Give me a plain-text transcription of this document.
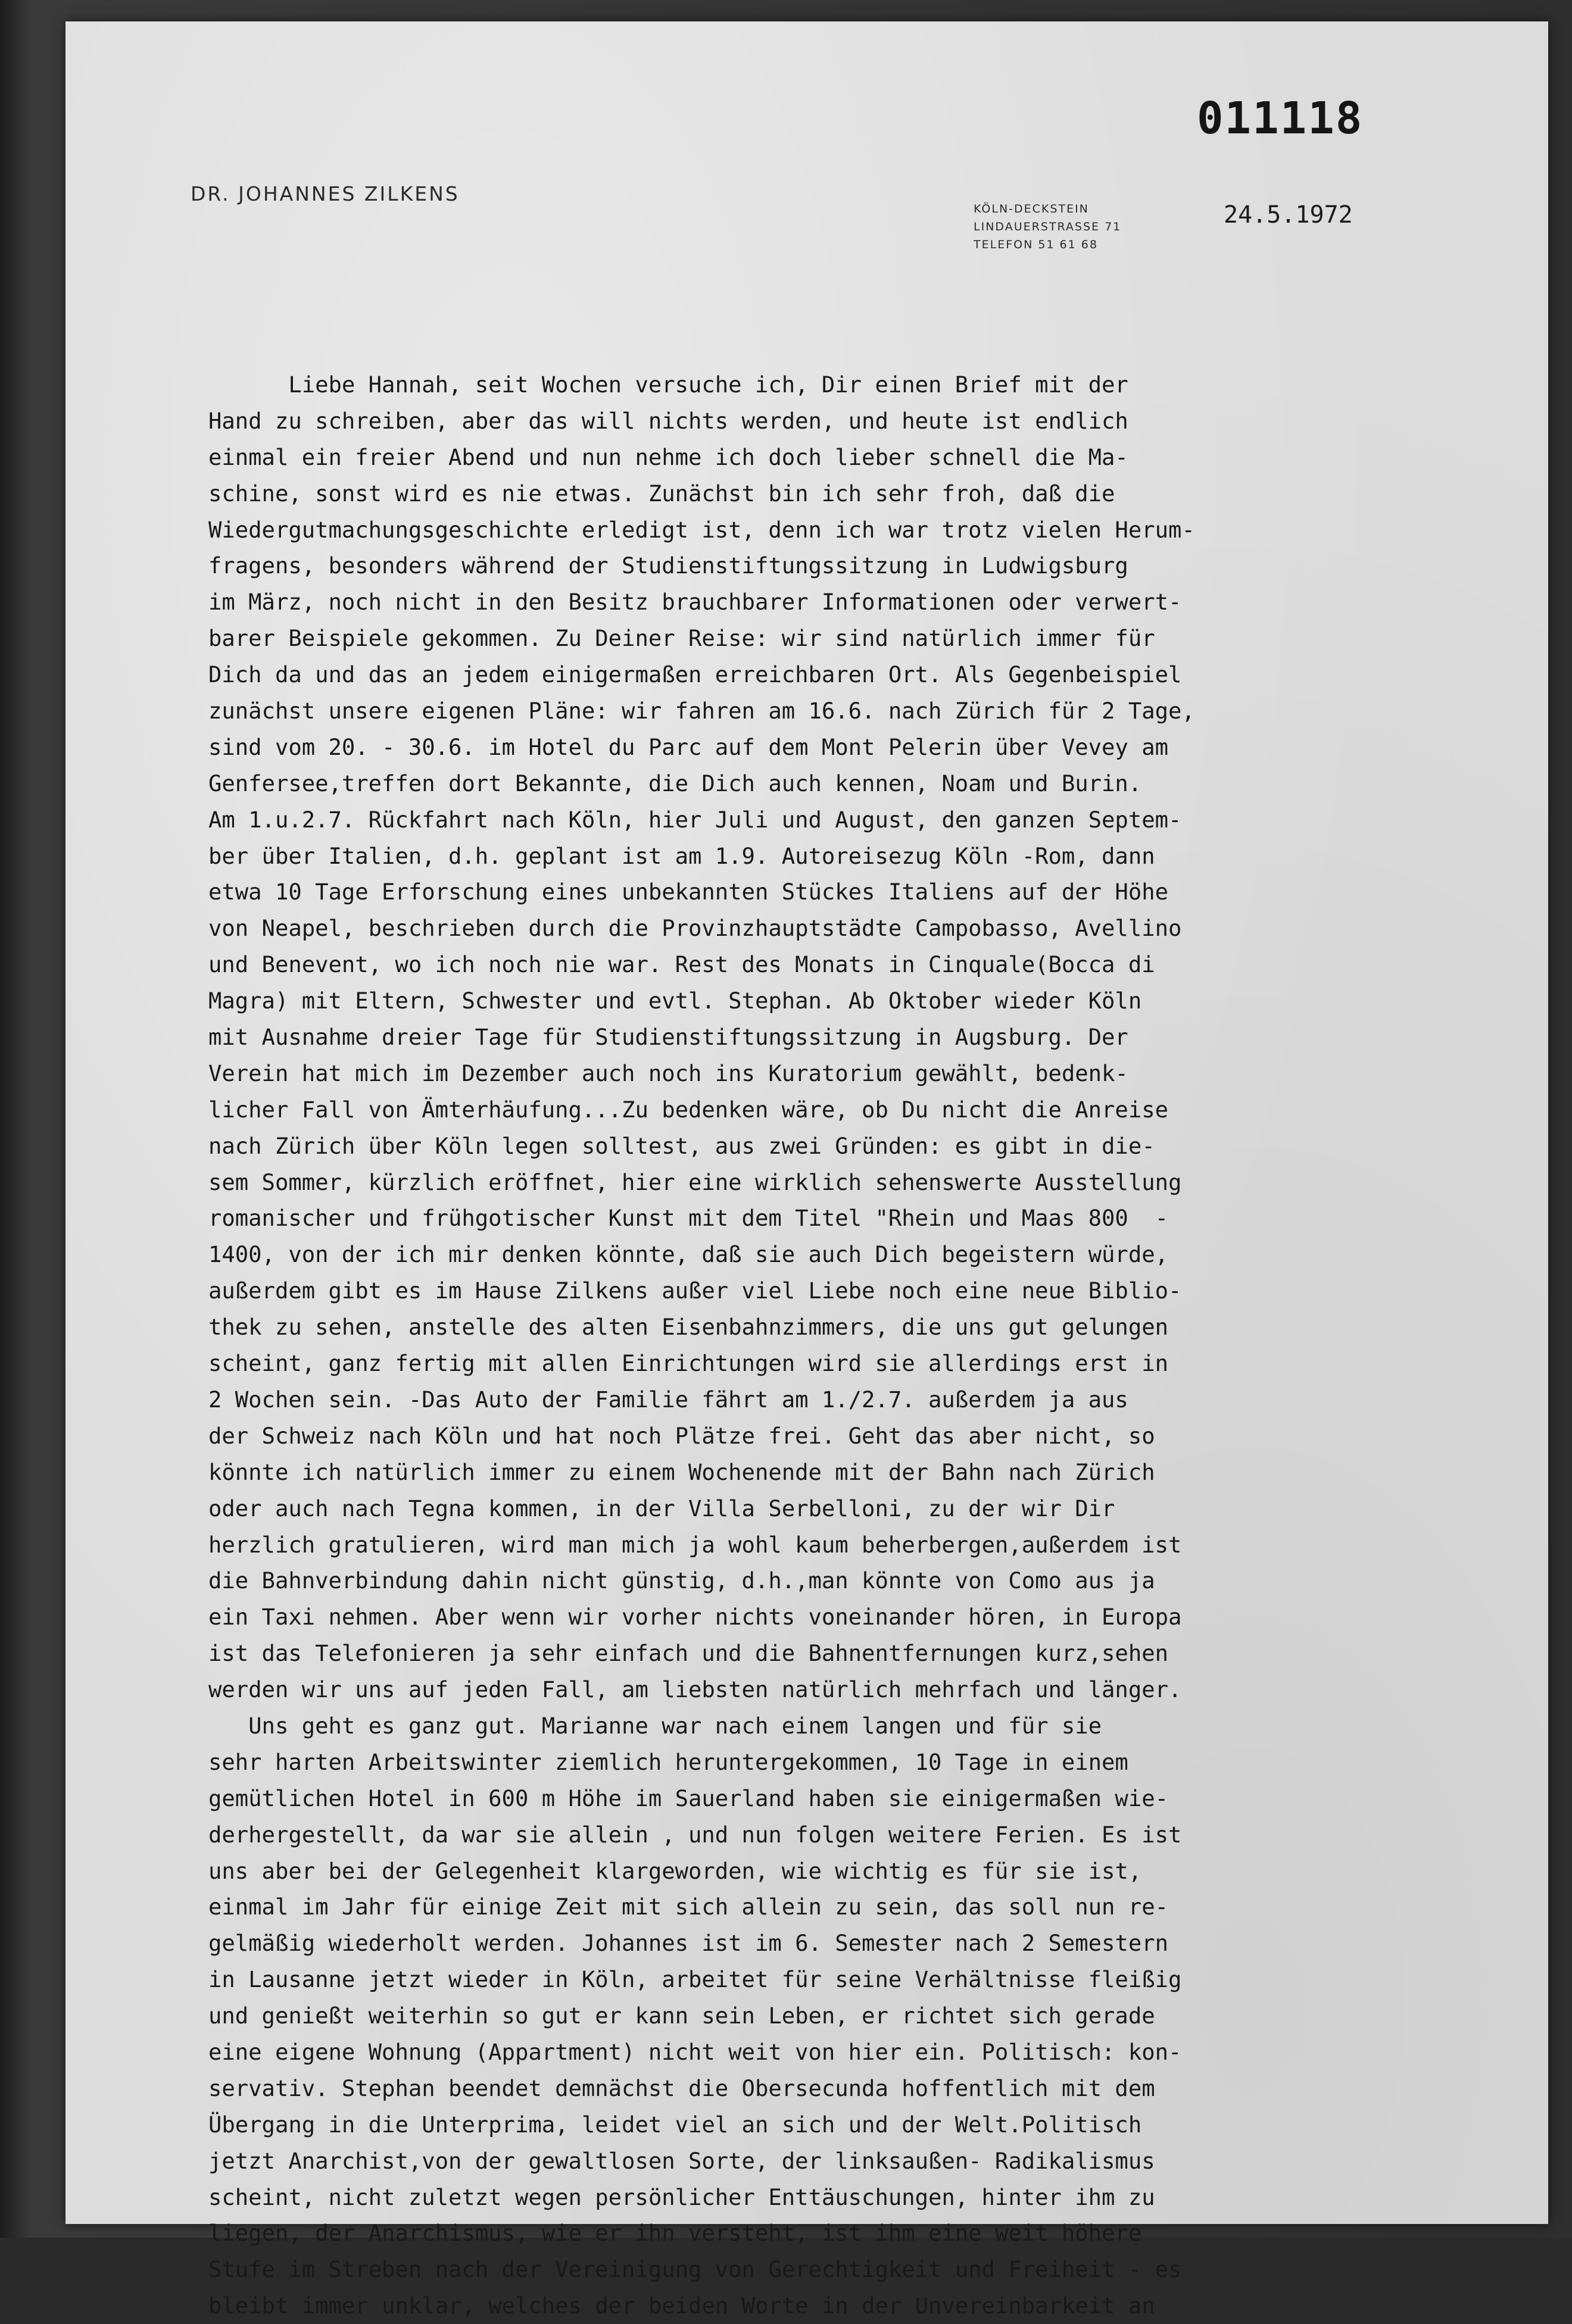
011118
DR. JOHANNES ZILKENS
KÖLN-DECKSTEIN
LINDAUERSTRASSE 71
TELEFON 51 61 68
24.5.1972
Liebe Hannah, seit Wochen versuche ich, Dir einen Brief mit der
Hand zu schreiben, aber das will nichts werden, und heute ist endlich
einmal ein freier Abend und nun nehme ich doch lieber schnell die Ma-
schine, sonst wird es nie etwas. Zunächst bin ich sehr froh, daß die
Wiedergutmachungsgeschichte erledigt ist, denn ich war trotz vielen Herum-
fragens, besonders während der Studienstiftungssitzung in Ludwigsburg
im März, noch nicht in den Besitz brauchbarer Informationen oder verwert-
barer Beispiele gekommen. Zu Deiner Reise: wir sind natürlich immer für
Dich da und das an jedem einigermaßen erreichbaren Ort. Als Gegenbeispiel
zunächst unsere eigenen Pläne: wir fahren am 16.6. nach Zürich für 2 Tage,
sind vom 20. - 30.6. im Hotel du Parc auf dem Mont Pelerin über Vevey am
Genfersee,treffen dort Bekannte, die Dich auch kennen, Noam und Burin.
Am 1.u.2.7. Rückfahrt nach Köln, hier Juli und August, den ganzen Septem-
ber über Italien, d.h. geplant ist am 1.9. Autoreisezug Köln -Rom, dann
etwa 10 Tage Erforschung eines unbekannten Stückes Italiens auf der Höhe
von Neapel, beschrieben durch die Provinzhauptstädte Campobasso, Avellino
und Benevent, wo ich noch nie war. Rest des Monats in Cinquale(Bocca di
Magra) mit Eltern, Schwester und evtl. Stephan. Ab Oktober wieder Köln
mit Ausnahme dreier Tage für Studienstiftungssitzung in Augsburg. Der
Verein hat mich im Dezember auch noch ins Kuratorium gewählt, bedenk-
licher Fall von Ämterhäufung...Zu bedenken wäre, ob Du nicht die Anreise
nach Zürich über Köln legen solltest, aus zwei Gründen: es gibt in die-
sem Sommer, kürzlich eröffnet, hier eine wirklich sehenswerte Ausstellung
romanischer und frühgotischer Kunst mit dem Titel "Rhein und Maas 800  -
1400, von der ich mir denken könnte, daß sie auch Dich begeistern würde,
außerdem gibt es im Hause Zilkens außer viel Liebe noch eine neue Biblio-
thek zu sehen, anstelle des alten Eisenbahnzimmers, die uns gut gelungen
scheint, ganz fertig mit allen Einrichtungen wird sie allerdings erst in
2 Wochen sein. -Das Auto der Familie fährt am 1./2.7. außerdem ja aus
der Schweiz nach Köln und hat noch Plätze frei. Geht das aber nicht, so
könnte ich natürlich immer zu einem Wochenende mit der Bahn nach Zürich
oder auch nach Tegna kommen, in der Villa Serbelloni, zu der wir Dir
herzlich gratulieren, wird man mich ja wohl kaum beherbergen,außerdem ist
die Bahnverbindung dahin nicht günstig, d.h.,man könnte von Como aus ja
ein Taxi nehmen. Aber wenn wir vorher nichts voneinander hören, in Europa
ist das Telefonieren ja sehr einfach und die Bahnentfernungen kurz,sehen
werden wir uns auf jeden Fall, am liebsten natürlich mehrfach und länger.
Uns geht es ganz gut. Marianne war nach einem langen und für sie
sehr harten Arbeitswinter ziemlich heruntergekommen, 10 Tage in einem
gemütlichen Hotel in 600 m Höhe im Sauerland haben sie einigermaßen wie-
derhergestellt, da war sie allein , und nun folgen weitere Ferien. Es ist
uns aber bei der Gelegenheit klargeworden, wie wichtig es für sie ist,
einmal im Jahr für einige Zeit mit sich allein zu sein, das soll nun re-
gelmäßig wiederholt werden. Johannes ist im 6. Semester nach 2 Semestern
in Lausanne jetzt wieder in Köln, arbeitet für seine Verhältnisse fleißig
und genießt weiterhin so gut er kann sein Leben, er richtet sich gerade
eine eigene Wohnung (Appartment) nicht weit von hier ein. Politisch: kon-
servativ. Stephan beendet demnächst die Obersecunda hoffentlich mit dem
Übergang in die Unterprima, leidet viel an sich und der Welt.Politisch
jetzt Anarchist,von der gewaltlosen Sorte, der linksaußen- Radikalismus
scheint, nicht zuletzt wegen persönlicher Enttäuschungen, hinter ihm zu
liegen, der Anarchismus, wie er ihn versteht, ist ihm eine weit höhere
Stufe im Streben nach der Vereinigung von Gerechtigkeit und Freiheit - es
bleibt immer unklar, welches der beiden Worte in der Unvereinbarkeit an
